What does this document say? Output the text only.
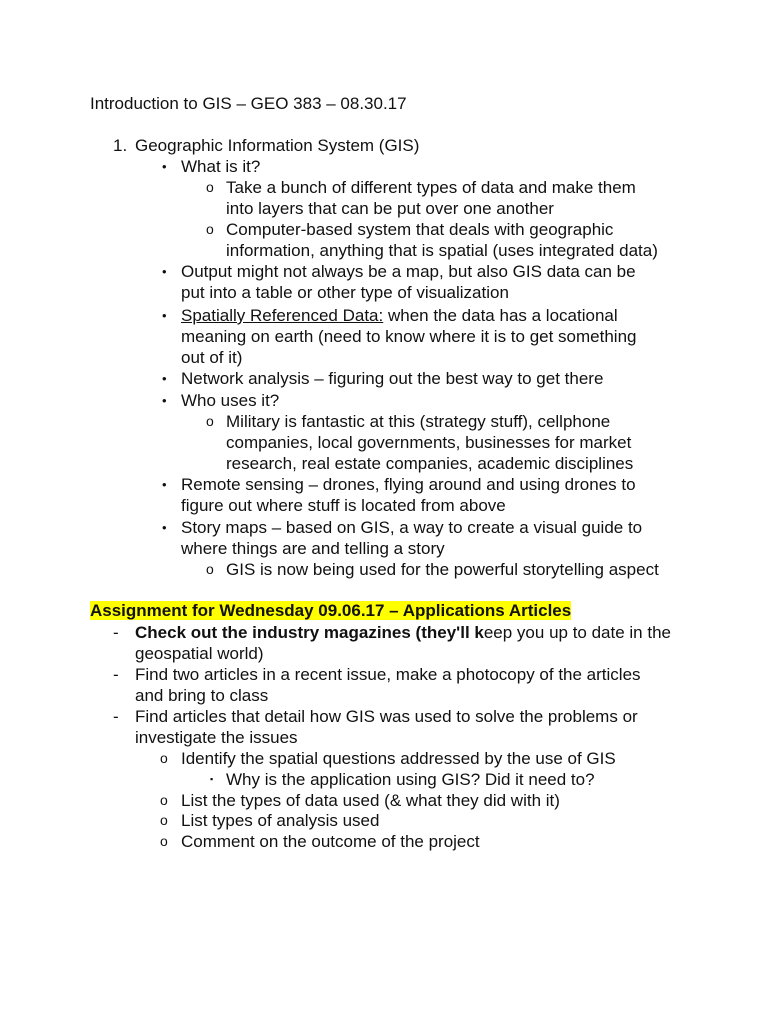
Introduction to GIS – GEO 383 – 08.30.17
1. Geographic Information System (GIS)
• What is it?
o Take a bunch of different types of data and make them
into layers that can be put over one another
o Computer-based system that deals with geographic
information, anything that is spatial (uses integrated data)
• Output might not always be a map, but also GIS data can be
put into a table or other type of visualization
• Spatially Referenced Data: when the data has a locational
meaning on earth (need to know where it is to get something
out of it)
• Network analysis – figuring out the best way to get there
• Who uses it?
o Military is fantastic at this (strategy stuff), cellphone
companies, local governments, businesses for market
research, real estate companies, academic disciplines
• Remote sensing – drones, flying around and using drones to
figure out where stuff is located from above
• Story maps – based on GIS, a way to create a visual guide to
where things are and telling a story
o GIS is now being used for the powerful storytelling aspect
Assignment for Wednesday 09.06.17 – Applications Articles
- Check out the industry magazines (they'll keep you up to date in the
geospatial world)
- Find two articles in a recent issue, make a photocopy of the articles
and bring to class
- Find articles that detail how GIS was used to solve the problems or
investigate the issues
o Identify the spatial questions addressed by the use of GIS
▪ Why is the application using GIS? Did it need to?
o List the types of data used (& what they did with it)
o List types of analysis used
o Comment on the outcome of the project
